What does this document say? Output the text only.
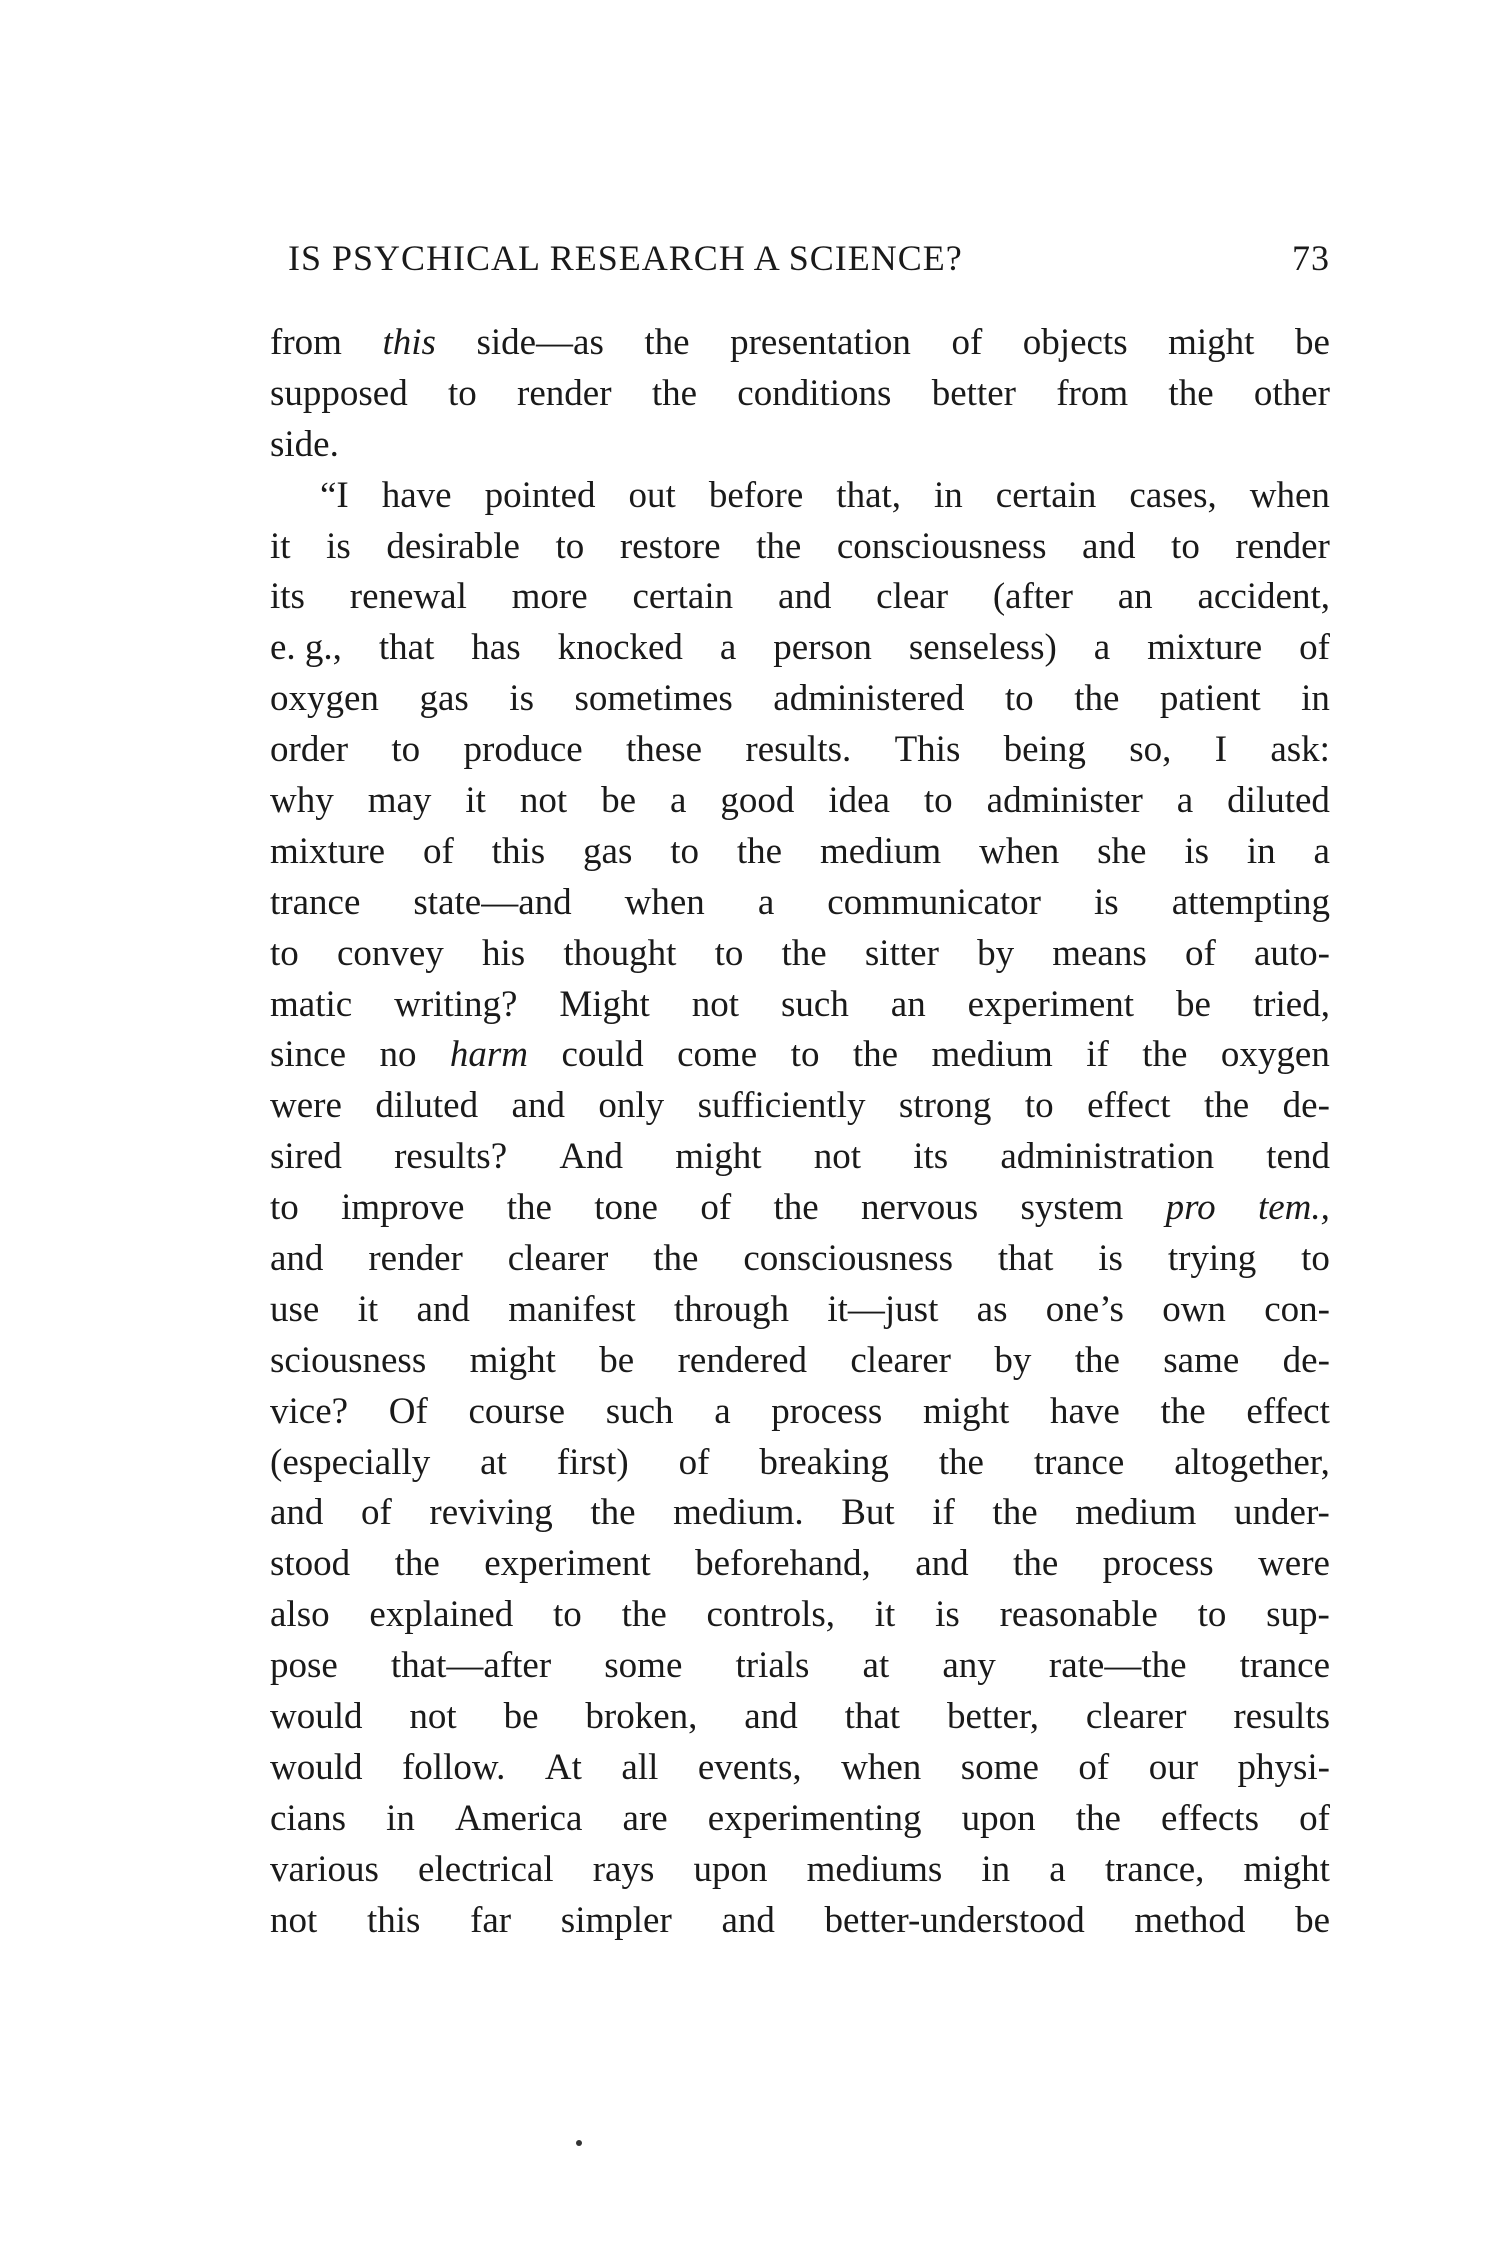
IS PSYCHICAL RESEARCH A SCIENCE?	73
from this side—as the presentation of objects might be
supposed to render the conditions better from the other
side.
“I have pointed out before that, in certain cases, when
it is desirable to restore the consciousness and to render
its renewal more certain and clear (after an accident,
e. g., that has knocked a person senseless) a mixture of
oxygen gas is sometimes administered to the patient in
order to produce these results. This being so, I ask:
why may it not be a good idea to administer a diluted
mixture of this gas to the medium when she is in a
trance state—and when a communicator is attempting
to convey his thought to the sitter by means of auto-
matic writing? Might not such an experiment be tried,
since no harm could come to the medium if the oxygen
were diluted and only sufficiently strong to effect the de-
sired results? And might not its administration tend
to improve the tone of the nervous system pro tem.,
and render clearer the consciousness that is trying to
use it and manifest through it—just as one’s own con-
sciousness might be rendered clearer by the same de-
vice? Of course such a process might have the effect
(especially at first) of breaking the trance altogether,
and of reviving the medium. But if the medium under-
stood the experiment beforehand, and the process were
also explained to the controls, it is reasonable to sup-
pose that—after some trials at any rate—the trance
would not be broken, and that better, clearer results
would follow. At all events, when some of our physi-
cians in America are experimenting upon the effects of
various electrical rays upon mediums in a trance, might
not this far simpler and better-understood method be
